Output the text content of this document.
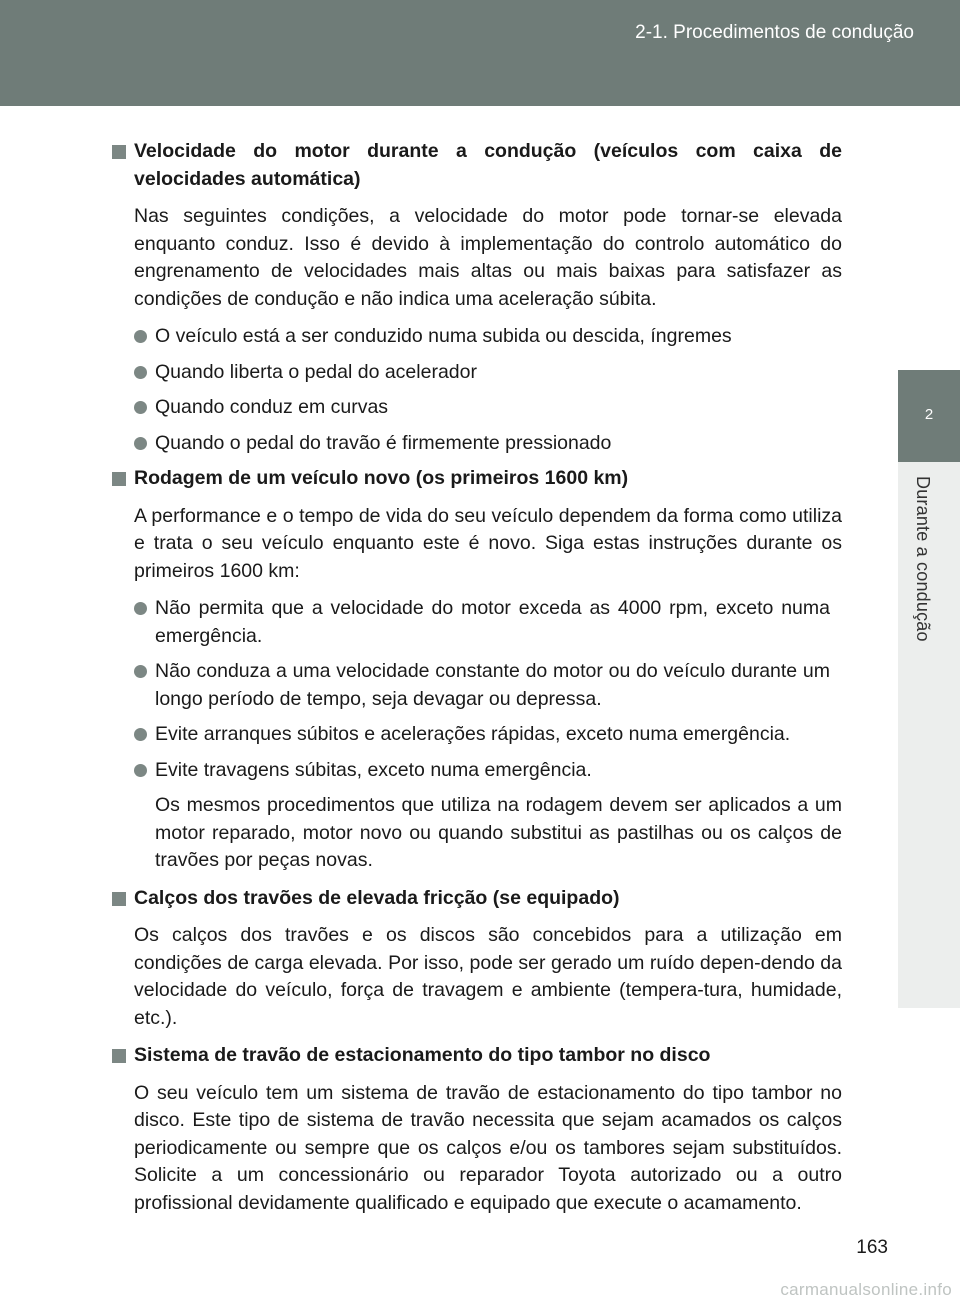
2-1. Procedimentos de condução
2
Durante a condução
Velocidade do motor durante a condução (veículos com caixa de velocidades automática)
Nas seguintes condições, a velocidade do motor pode tornar-se elevada enquanto conduz. Isso é devido à implementação do controlo automático do engrenamento de velocidades mais altas ou mais baixas para satisfazer as condições de condução e não indica uma aceleração súbita.
O veículo está a ser conduzido numa subida ou descida, íngremes
Quando liberta o pedal do acelerador
Quando conduz em curvas
Quando o pedal do travão é firmemente pressionado
Rodagem de um veículo novo (os primeiros 1600 km)
A performance e o tempo de vida do seu veículo dependem da forma como utiliza e trata o seu veículo enquanto este é novo. Siga estas instruções durante os primeiros 1600 km:
Não permita que a velocidade do motor exceda as 4000 rpm, exceto numa emergência.
Não conduza a uma velocidade constante do motor ou do veículo durante um longo período de tempo, seja devagar ou depressa.
Evite arranques súbitos e acelerações rápidas, exceto numa emergência.
Evite travagens súbitas, exceto numa emergência.
Os mesmos procedimentos que utiliza na rodagem devem ser aplicados a um motor reparado, motor novo ou quando substitui as pastilhas ou os calços de travões por peças novas.
Calços dos travões de elevada fricção (se equipado)
Os calços dos travões e os discos são concebidos para a utilização em condições de carga elevada. Por isso, pode ser gerado um ruído depen-dendo da velocidade do veículo, força de travagem e ambiente (tempera-tura, humidade, etc.).
Sistema de travão de estacionamento do tipo tambor no disco
O seu veículo tem um sistema de travão de estacionamento do tipo tambor no disco. Este tipo de sistema de travão necessita que sejam acamados os calços periodicamente ou sempre que os calços e/ou os tambores sejam substituídos. Solicite a um concessionário ou reparador Toyota autorizado ou a outro profissional devidamente qualificado e equipado que execute o acamamento.
163
carmanualsonline.info
